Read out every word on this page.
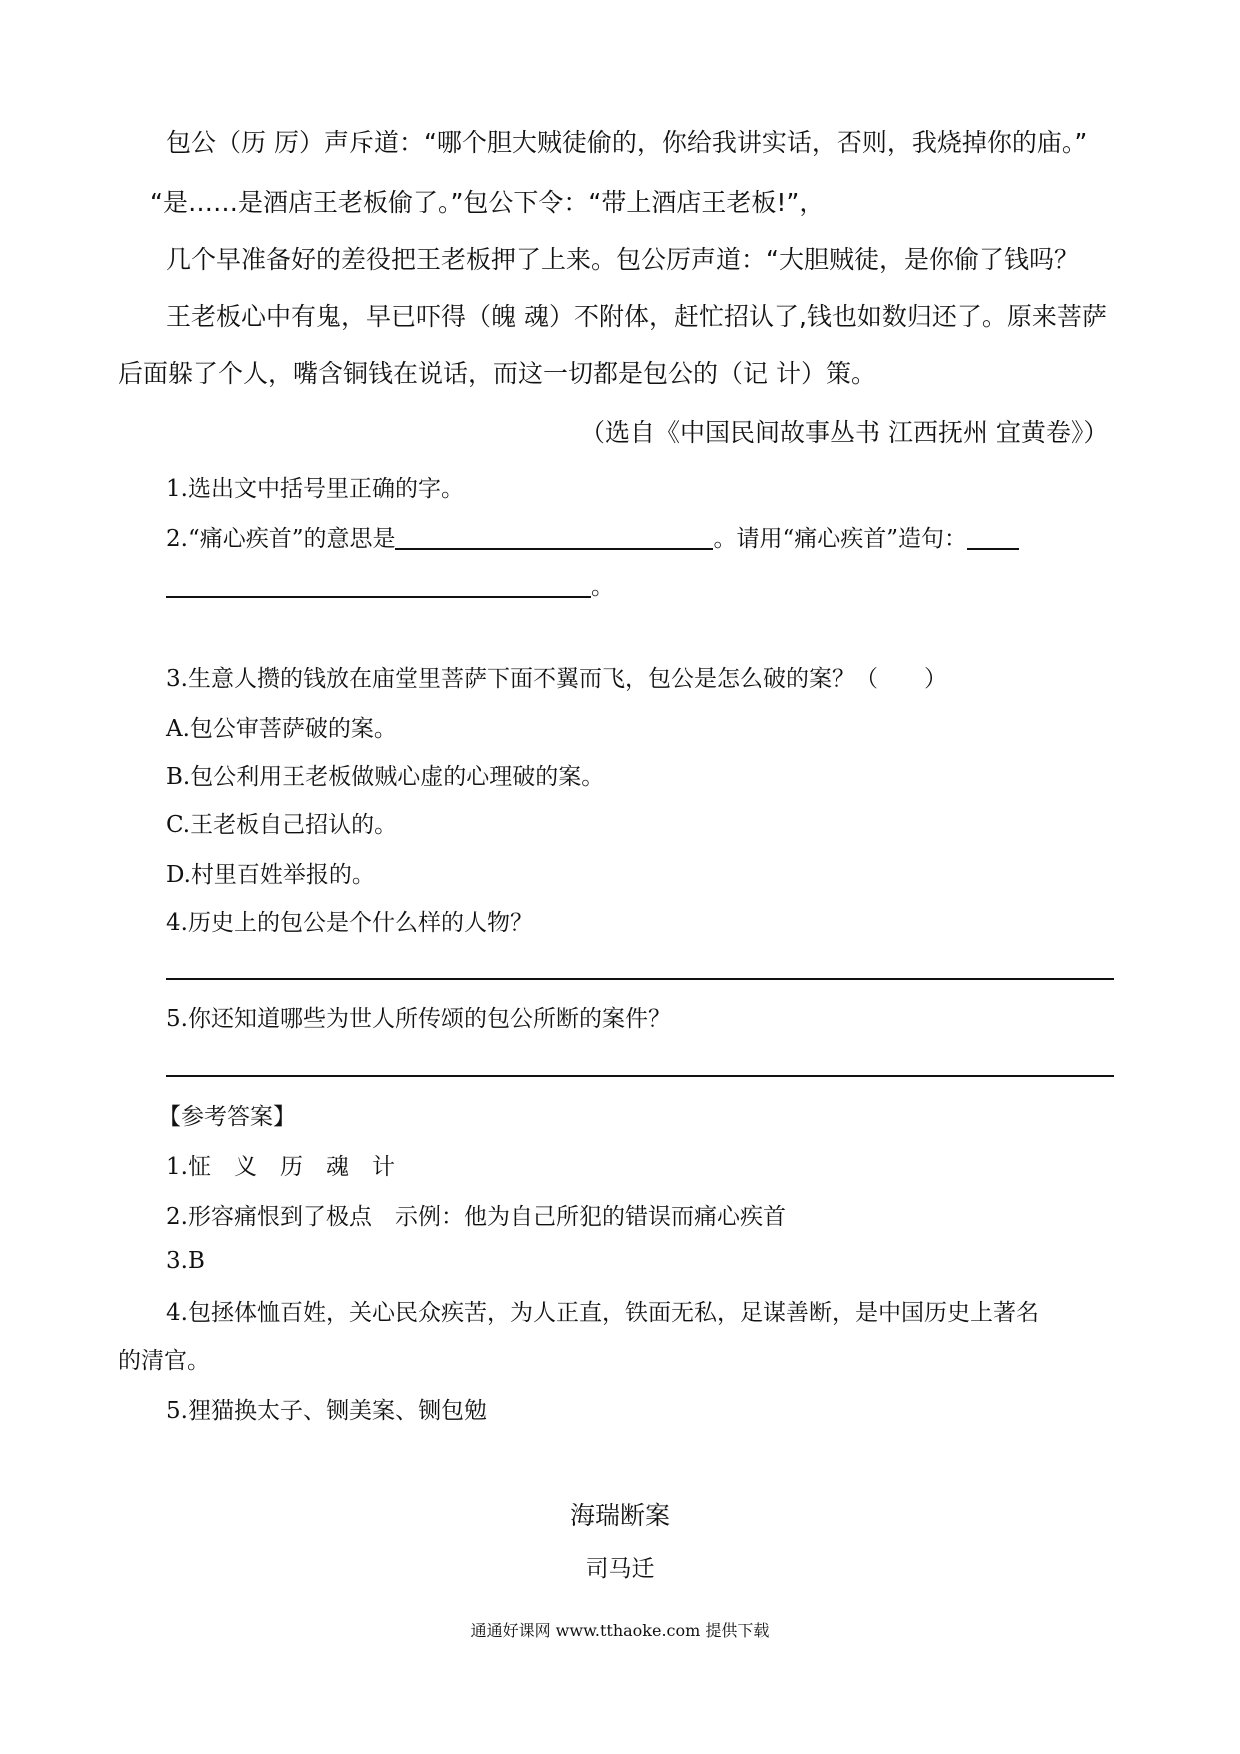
包公（历 厉）声斥道：“哪个胆大贼徒偷的，你给我讲实话，否则，我烧掉你的庙。”
“是……是酒店王老板偷了。”包公下令：“带上酒店王老板!”，
几个早准备好的差役把王老板押了上来。包公厉声道：“大胆贼徒，是你偷了钱吗？
王老板心中有鬼，早已吓得（魄 魂）不附体，赶忙招认了,钱也如数归还了。原来菩萨
后面躲了个人，嘴含铜钱在说话，而这一切都是包公的（记 计）策。
（选自《中国民间故事丛书 江西抚州 宜黄卷》）
1.选出文中括号里正确的字。
2.“痛心疾首”的意思是	。请用“痛心疾首”造句：
。
3.生意人攒的钱放在庙堂里菩萨下面不翼而飞，包公是怎么破的案？（　　）
A.包公审菩萨破的案。
B.包公利用王老板做贼心虚的心理破的案。
C.王老板自己招认的。
D.村里百姓举报的。
4.历史上的包公是个什么样的人物？
5.你还知道哪些为世人所传颂的包公所断的案件？
【参考答案】
1.怔　义　历　魂　计
2.形容痛恨到了极点　示例：他为自己所犯的错误而痛心疾首
3.B
4.包拯体恤百姓，关心民众疾苦，为人正直，铁面无私，足谋善断，是中国历史上著名
的清官。
5.狸猫换太子、铡美案、铡包勉
海瑞断案
司马迁
通通好课网 www.tthaoke.com 提供下载
